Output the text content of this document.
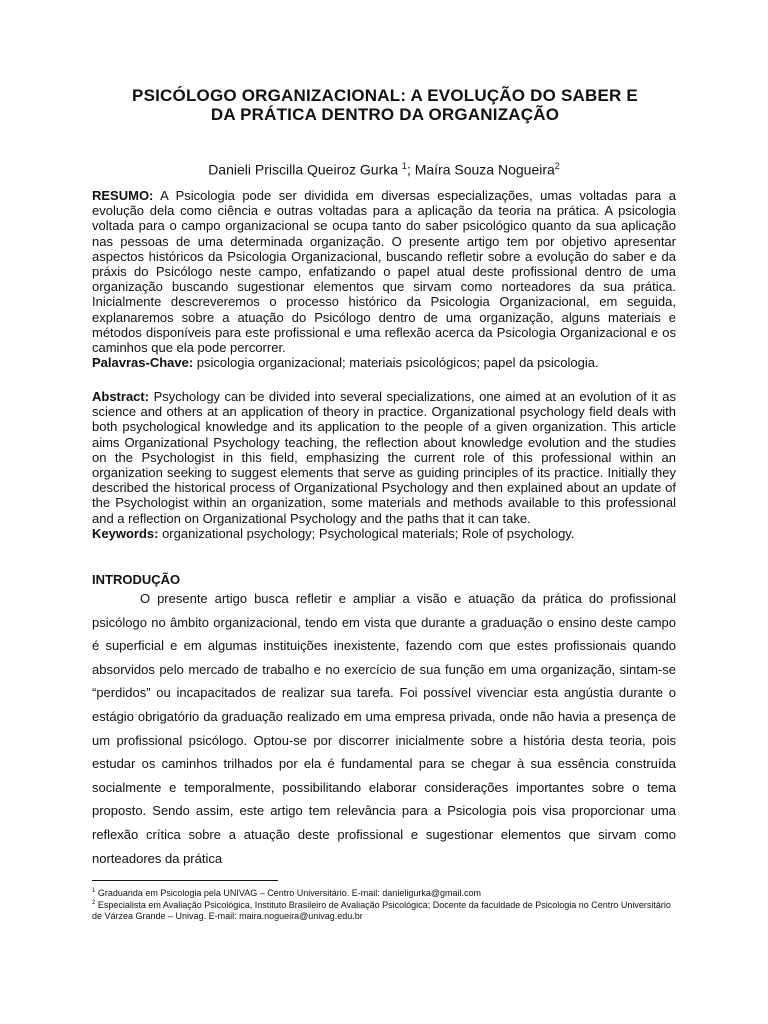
PSICÓLOGO ORGANIZACIONAL: A EVOLUÇÃO DO SABER E
DA PRÁTICA DENTRO DA ORGANIZAÇÃO
Danieli Priscilla Queiroz Gurka $^1$; Maíra Souza Nogueira$^2$
RESUMO: A Psicologia pode ser dividida em diversas especializações, umas voltadas para a evolução dela como ciência e outras voltadas para a aplicação da teoria na prática. A psicologia voltada para o campo organizacional se ocupa tanto do saber psicológico quanto da sua aplicação nas pessoas de uma determinada organização. O presente artigo tem por objetivo apresentar aspectos históricos da Psicologia Organizacional, buscando refletir sobre a evolução do saber e da práxis do Psicólogo neste campo, enfatizando o papel atual deste profissional dentro de uma organização buscando sugestionar elementos que sirvam como norteadores da sua prática. Inicialmente descreveremos o processo histórico da Psicologia Organizacional, em seguida, explanaremos sobre a atuação do Psicólogo dentro de uma organização, alguns materiais e métodos disponíveis para este profissional e uma reflexão acerca da Psicologia Organizacional e os caminhos que ela pode percorrer.
Palavras-Chave: psicologia organizacional; materiais psicológicos; papel da psicologia.
Abstract: Psychology can be divided into several specializations, one aimed at an evolution of it as science and others at an application of theory in practice. Organizational psychology field deals with both psychological knowledge and its application to the people of a given organization. This article aims Organizational Psychology teaching, the reflection about knowledge evolution and the studies on the Psychologist in this field, emphasizing the current role of this professional within an organization seeking to suggest elements that serve as guiding principles of its practice. Initially they described the historical process of Organizational Psychology and then explained about an update of the Psychologist within an organization, some materials and methods available to this professional and a reflection on Organizational Psychology and the paths that it can take.
Keywords: organizational psychology; Psychological materials; Role of psychology.
INTRODUÇÃO
O presente artigo busca refletir e ampliar a visão e atuação da prática do profissional psicólogo no âmbito organizacional, tendo em vista que durante a graduação o ensino deste campo é superficial e em algumas instituições inexistente, fazendo com que estes profissionais quando absorvidos pelo mercado de trabalho e no exercício de sua função em uma organização, sintam-se “perdidos” ou incapacitados de realizar sua tarefa. Foi possível vivenciar esta angústia durante o estágio obrigatório da graduação realizado em uma empresa privada, onde não havia a presença de um profissional psicólogo. Optou-se por discorrer inicialmente sobre a história desta teoria, pois estudar os caminhos trilhados por ela é fundamental para se chegar à sua essência construída socialmente e temporalmente, possibilitando elaborar considerações importantes sobre o tema proposto. Sendo assim, este artigo tem relevância para a Psicologia pois visa proporcionar uma reflexão crítica sobre a atuação deste profissional e sugestionar elementos que sirvam como norteadores da prática
$^1$ Graduanda em Psicologia pela UNIVAG – Centro Universitário. E-mail: danieligurka@gmail.com
$^2$ Especialista em Avaliação Psicológica, Instituto Brasileiro de Avaliação Psicológica; Docente da faculdade de Psicologia no Centro Universitário de Várzea Grande – Univag. E-mail: maira.nogueira@univag.edu.br
